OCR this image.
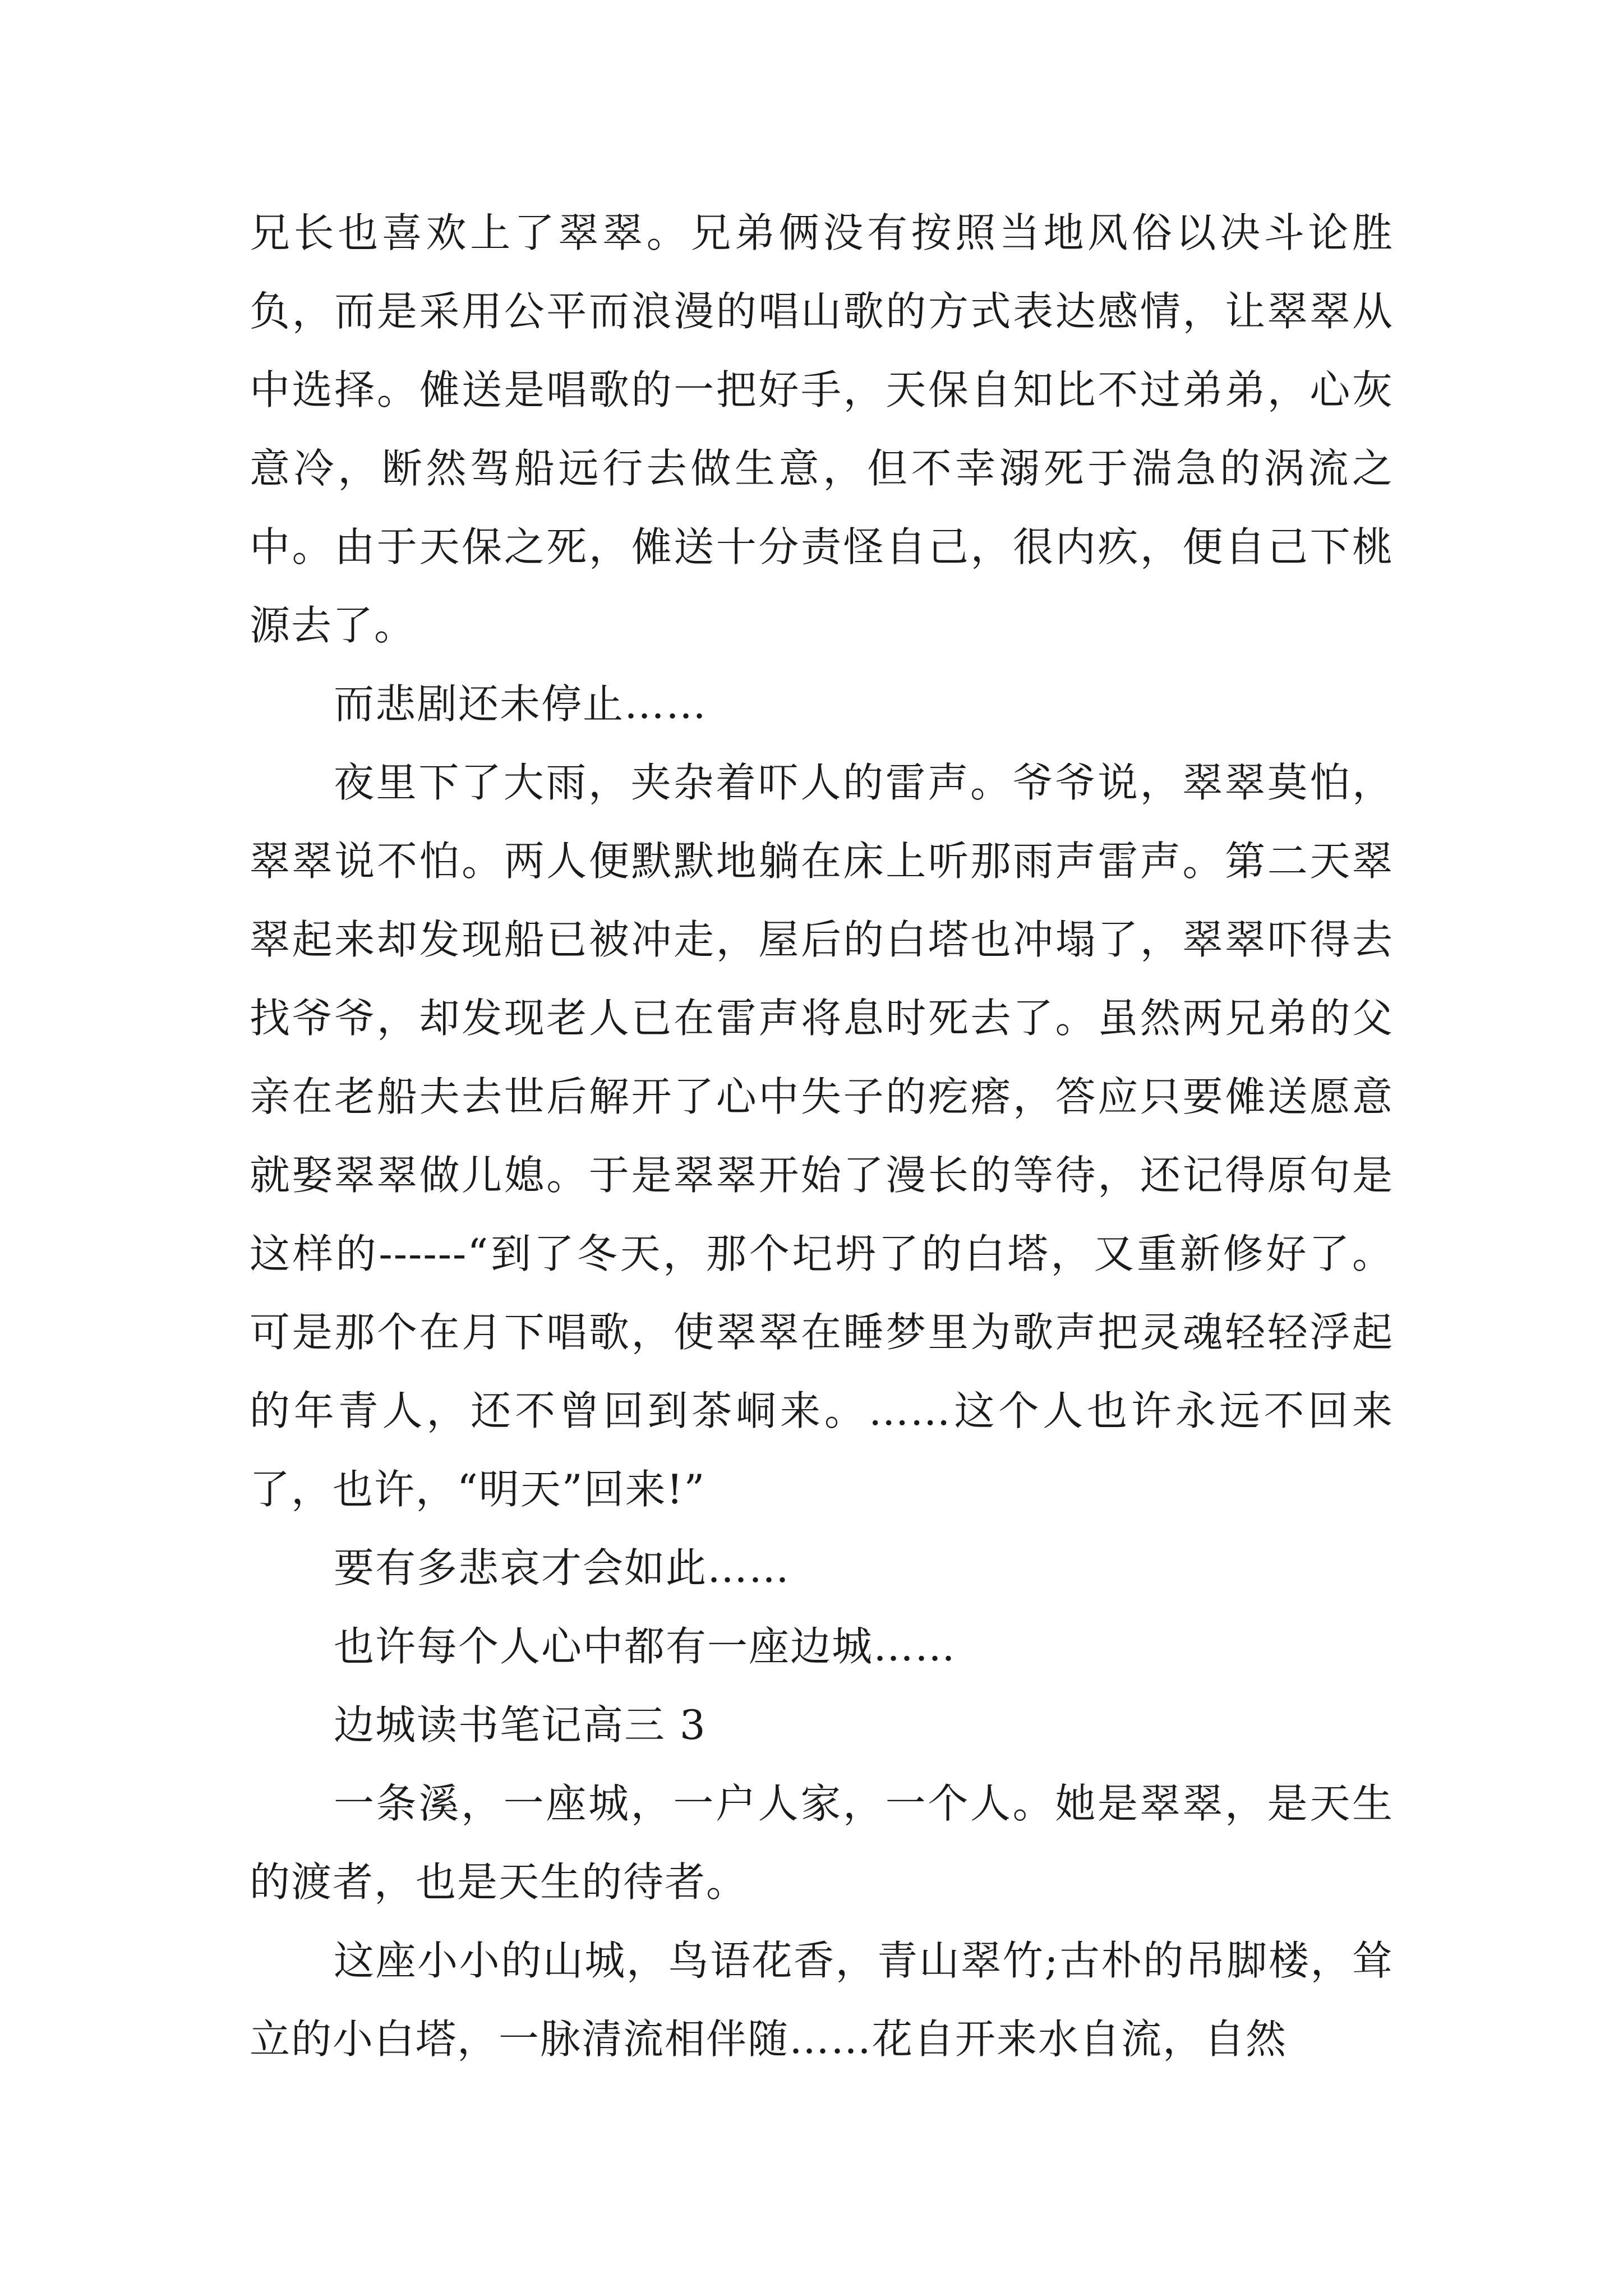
兄长也喜欢上了翠翠。兄弟俩没有按照当地风俗以决斗论胜负，而是采用公平而浪漫的唱山歌的方式表达感情，让翠翠从中选择。傩送是唱歌的一把好手，天保自知比不过弟弟，心灰意冷，断然驾船远行去做生意，但不幸溺死于湍急的涡流之中。由于天保之死，傩送十分责怪自己，很内疚，便自己下桃源去了。

而悲剧还未停止……

夜里下了大雨，夹杂着吓人的雷声。爷爷说，翠翠莫怕，翠翠说不怕。两人便默默地躺在床上听那雨声雷声。第二天翠翠起来却发现船已被冲走，屋后的白塔也冲塌了，翠翠吓得去找爷爷，却发现老人已在雷声将息时死去了。虽然两兄弟的父亲在老船夫去世后解开了心中失子的疙瘩，答应只要傩送愿意就娶翠翠做儿媳。于是翠翠开始了漫长的等待，还记得原句是这样的------“到了冬天，那个圮坍了的白塔，又重新修好了。可是那个在月下唱歌，使翠翠在睡梦里为歌声把灵魂轻轻浮起的年青人，还不曾回到茶峒来。……这个人也许永远不回来了，也许，“明天”回来!”

要有多悲哀才会如此……

也许每个人心中都有一座边城……

边城读书笔记高三 3

一条溪，一座城，一户人家，一个人。她是翠翠，是天生的渡者，也是天生的待者。

这座小小的山城，鸟语花香，青山翠竹;古朴的吊脚楼，耸立的小白塔，一脉清流相伴随……花自开来水自流，自然
